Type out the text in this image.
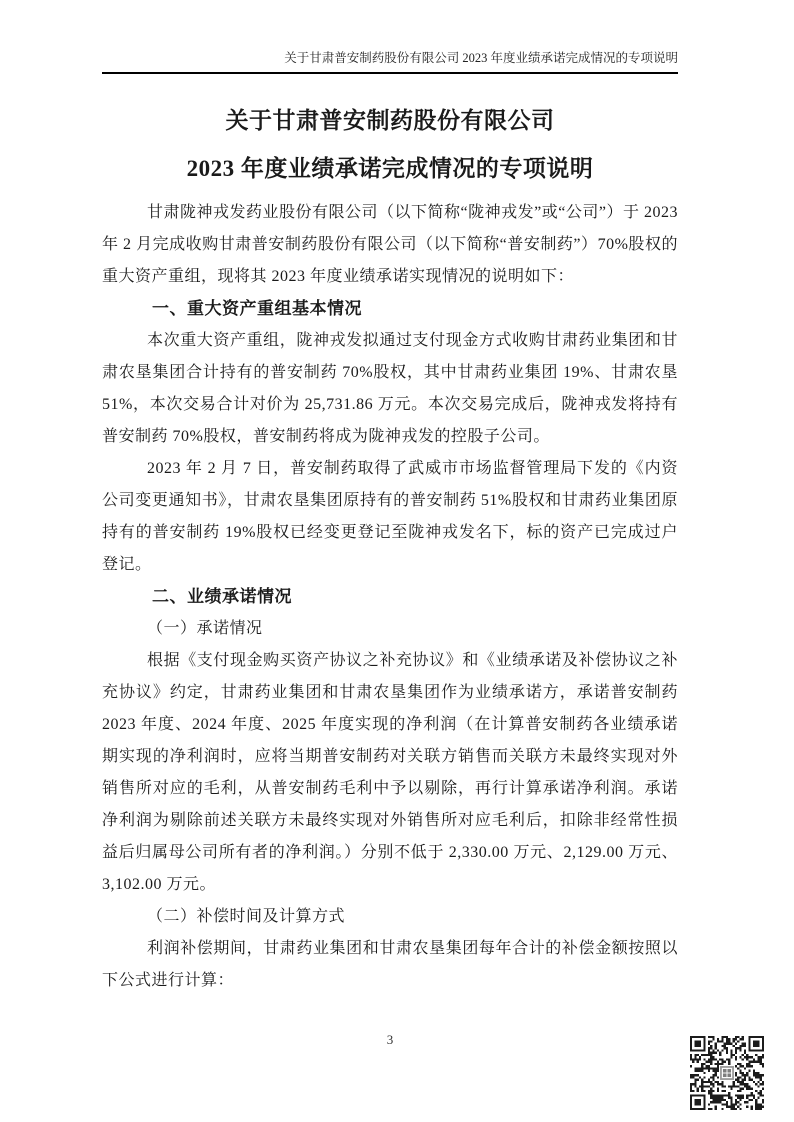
关于甘肃普安制药股份有限公司 2023 年度业绩承诺完成情况的专项说明
关于甘肃普安制药股份有限公司
2023 年度业绩承诺完成情况的专项说明

甘肃陇神戎发药业股份有限公司（以下简称“陇神戎发”或“公司”）于 2023 年 2 月完成收购甘肃普安制药股份有限公司（以下简称“普安制药”）70%股权的重大资产重组，现将其 2023 年度业绩承诺实现情况的说明如下：

一、重大资产重组基本情况

本次重大资产重组，陇神戎发拟通过支付现金方式收购甘肃药业集团和甘肃农垦集团合计持有的普安制药 70%股权，其中甘肃药业集团 19%、甘肃农垦 51%，本次交易合计对价为 25,731.86 万元。本次交易完成后，陇神戎发将持有普安制药 70%股权，普安制药将成为陇神戎发的控股子公司。

2023 年 2 月 7 日，普安制药取得了武威市市场监督管理局下发的《内资公司变更通知书》，甘肃农垦集团原持有的普安制药 51%股权和甘肃药业集团原持有的普安制药 19%股权已经变更登记至陇神戎发名下，标的资产已完成过户登记。

二、业绩承诺情况
（一）承诺情况

根据《支付现金购买资产协议之补充协议》和《业绩承诺及补偿协议之补充协议》约定，甘肃药业集团和甘肃农垦集团作为业绩承诺方，承诺普安制药 2023 年度、2024 年度、2025 年度实现的净利润（在计算普安制药各业绩承诺期实现的净利润时，应将当期普安制药对关联方销售而关联方未最终实现对外销售所对应的毛利，从普安制药毛利中予以剔除，再行计算承诺净利润。承诺净利润为剔除前述关联方未最终实现对外销售所对应毛利后，扣除非经常性损益后归属母公司所有者的净利润。）分别不低于 2,330.00 万元、2,129.00 万元、3,102.00 万元。

（二）补偿时间及计算方式

利润补偿期间，甘肃药业集团和甘肃农垦集团每年合计的补偿金额按照以下公式进行计算：

3
